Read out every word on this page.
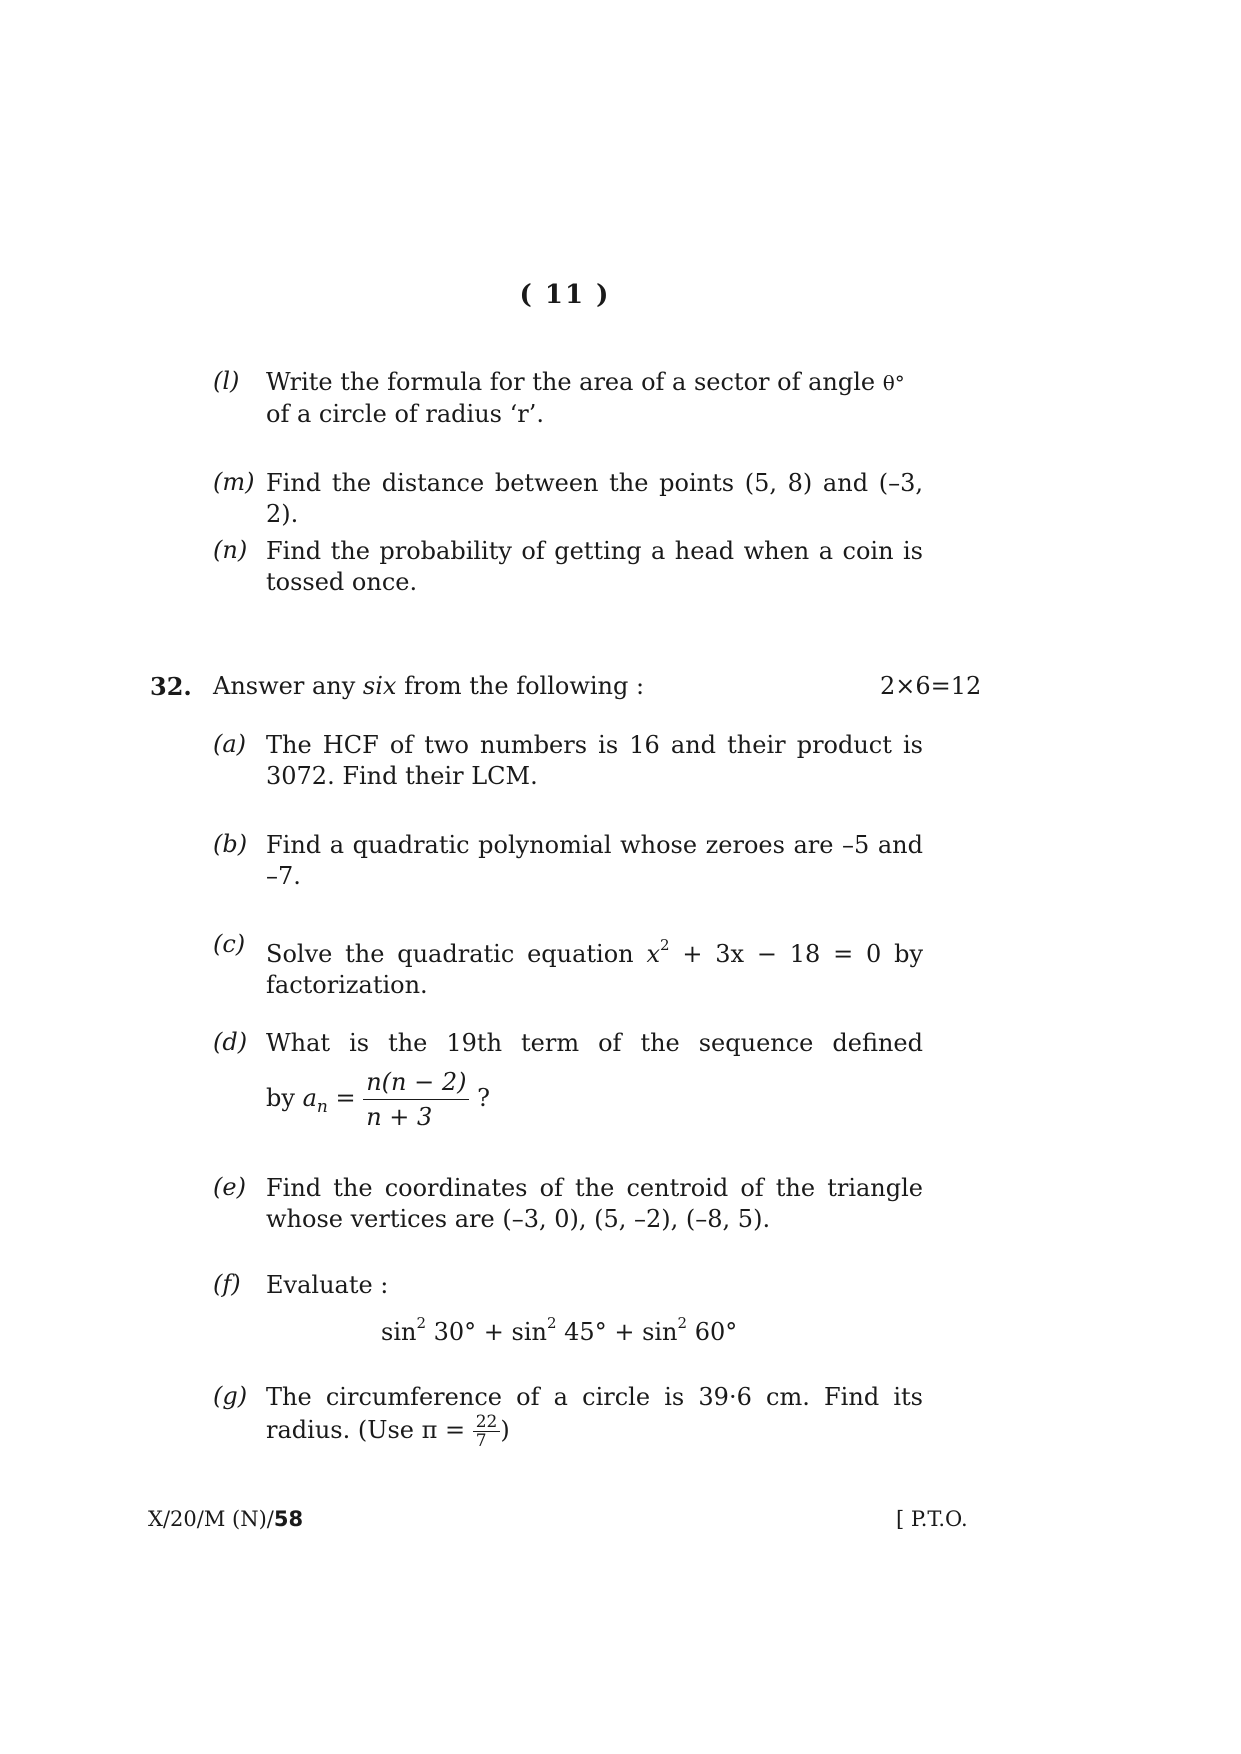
( 11 )
(l) Write the formula for the area of a sector of angle θ°
of a circle of radius ‘r’.
(m) Find the distance between the points (5, 8) and (–3, 2).
(n) Find the probability of getting a head when a coin is tossed once.
32. Answer any six from the following :	2×6=12
(a) The HCF of two numbers is 16 and their product is 3072. Find their LCM.
(b) Find a quadratic polynomial whose zeroes are –5 and –7.
(c) Solve the quadratic equation $x^2 + 3x - 18 = 0$ by
factorization.
(d) What is the 19th term of the sequence defined
by $a_n = \frac{n(n - 2)}{n + 3}$ ?
(e) Find the coordinates of the centroid of the triangle whose vertices are (–3, 0), (5, –2), (–8, 5).
(f) Evaluate :
$\sin^2 30^\circ + \sin^2 45^\circ + \sin^2 60^\circ$
(g) The circumference of a circle is 39·6 cm. Find its
radius. (Use $\pi = \frac{22}{7}$ )
X/20/M (N)/58	[ P.T.O.
